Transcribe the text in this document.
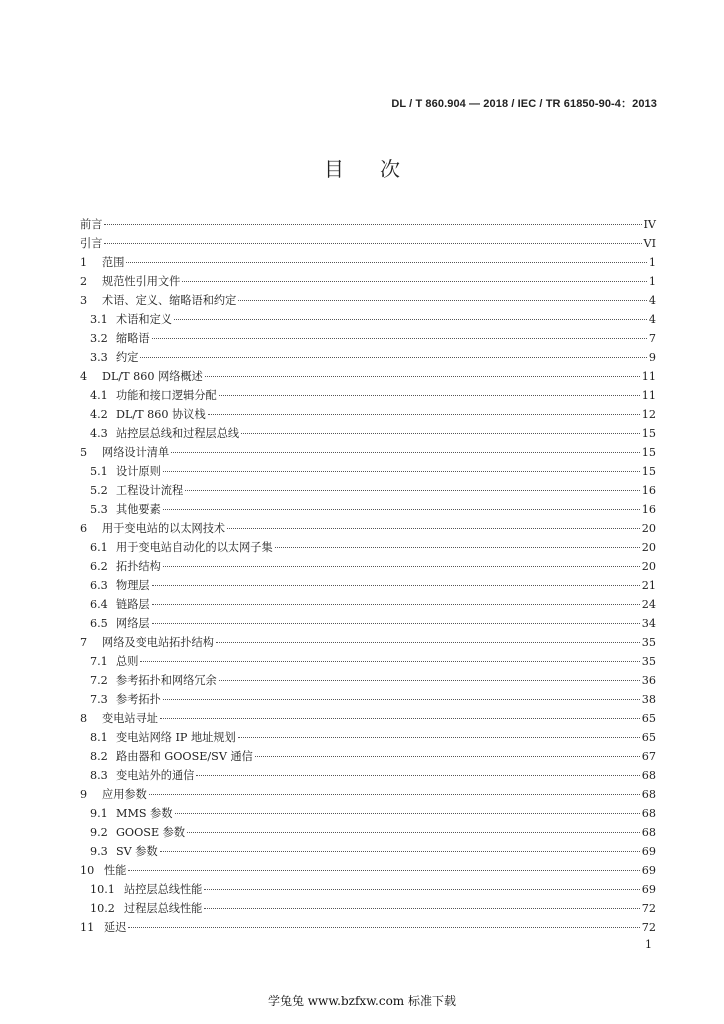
DL / T 860.904 — 2018 / IEC / TR 61850-90-4：2013
目次
前言	IV
引言	VI
1	范围	1
2	规范性引用文件	1
3	术语、定义、缩略语和约定	4
3.1 术语和定义	4
3.2 缩略语	7
3.3 约定	9
4	DL/T 860 网络概述	11
4.1 功能和接口逻辑分配	11
4.2 DL/T 860 协议栈	12
4.3 站控层总线和过程层总线	15
5	网络设计清单	15
5.1 设计原则	15
5.2 工程设计流程	16
5.3 其他要素	16
6	用于变电站的以太网技术	20
6.1 用于变电站自动化的以太网子集	20
6.2 拓扑结构	20
6.3 物理层	21
6.4 链路层	24
6.5 网络层	34
7	网络及变电站拓扑结构	35
7.1 总则	35
7.2 参考拓扑和网络冗余	36
7.3 参考拓扑	38
8	变电站寻址	65
8.1 变电站网络 IP 地址规划	65
8.2 路由器和 GOOSE/SV 通信	67
8.3 变电站外的通信	68
9	应用参数	68
9.1 MMS 参数	68
9.2 GOOSE 参数	68
9.3 SV 参数	69
10 性能	69
10.1 站控层总线性能	69
10.2 过程层总线性能	72
11 延迟	72
1
学兔兔 www.bzfxw.com 标准下载
